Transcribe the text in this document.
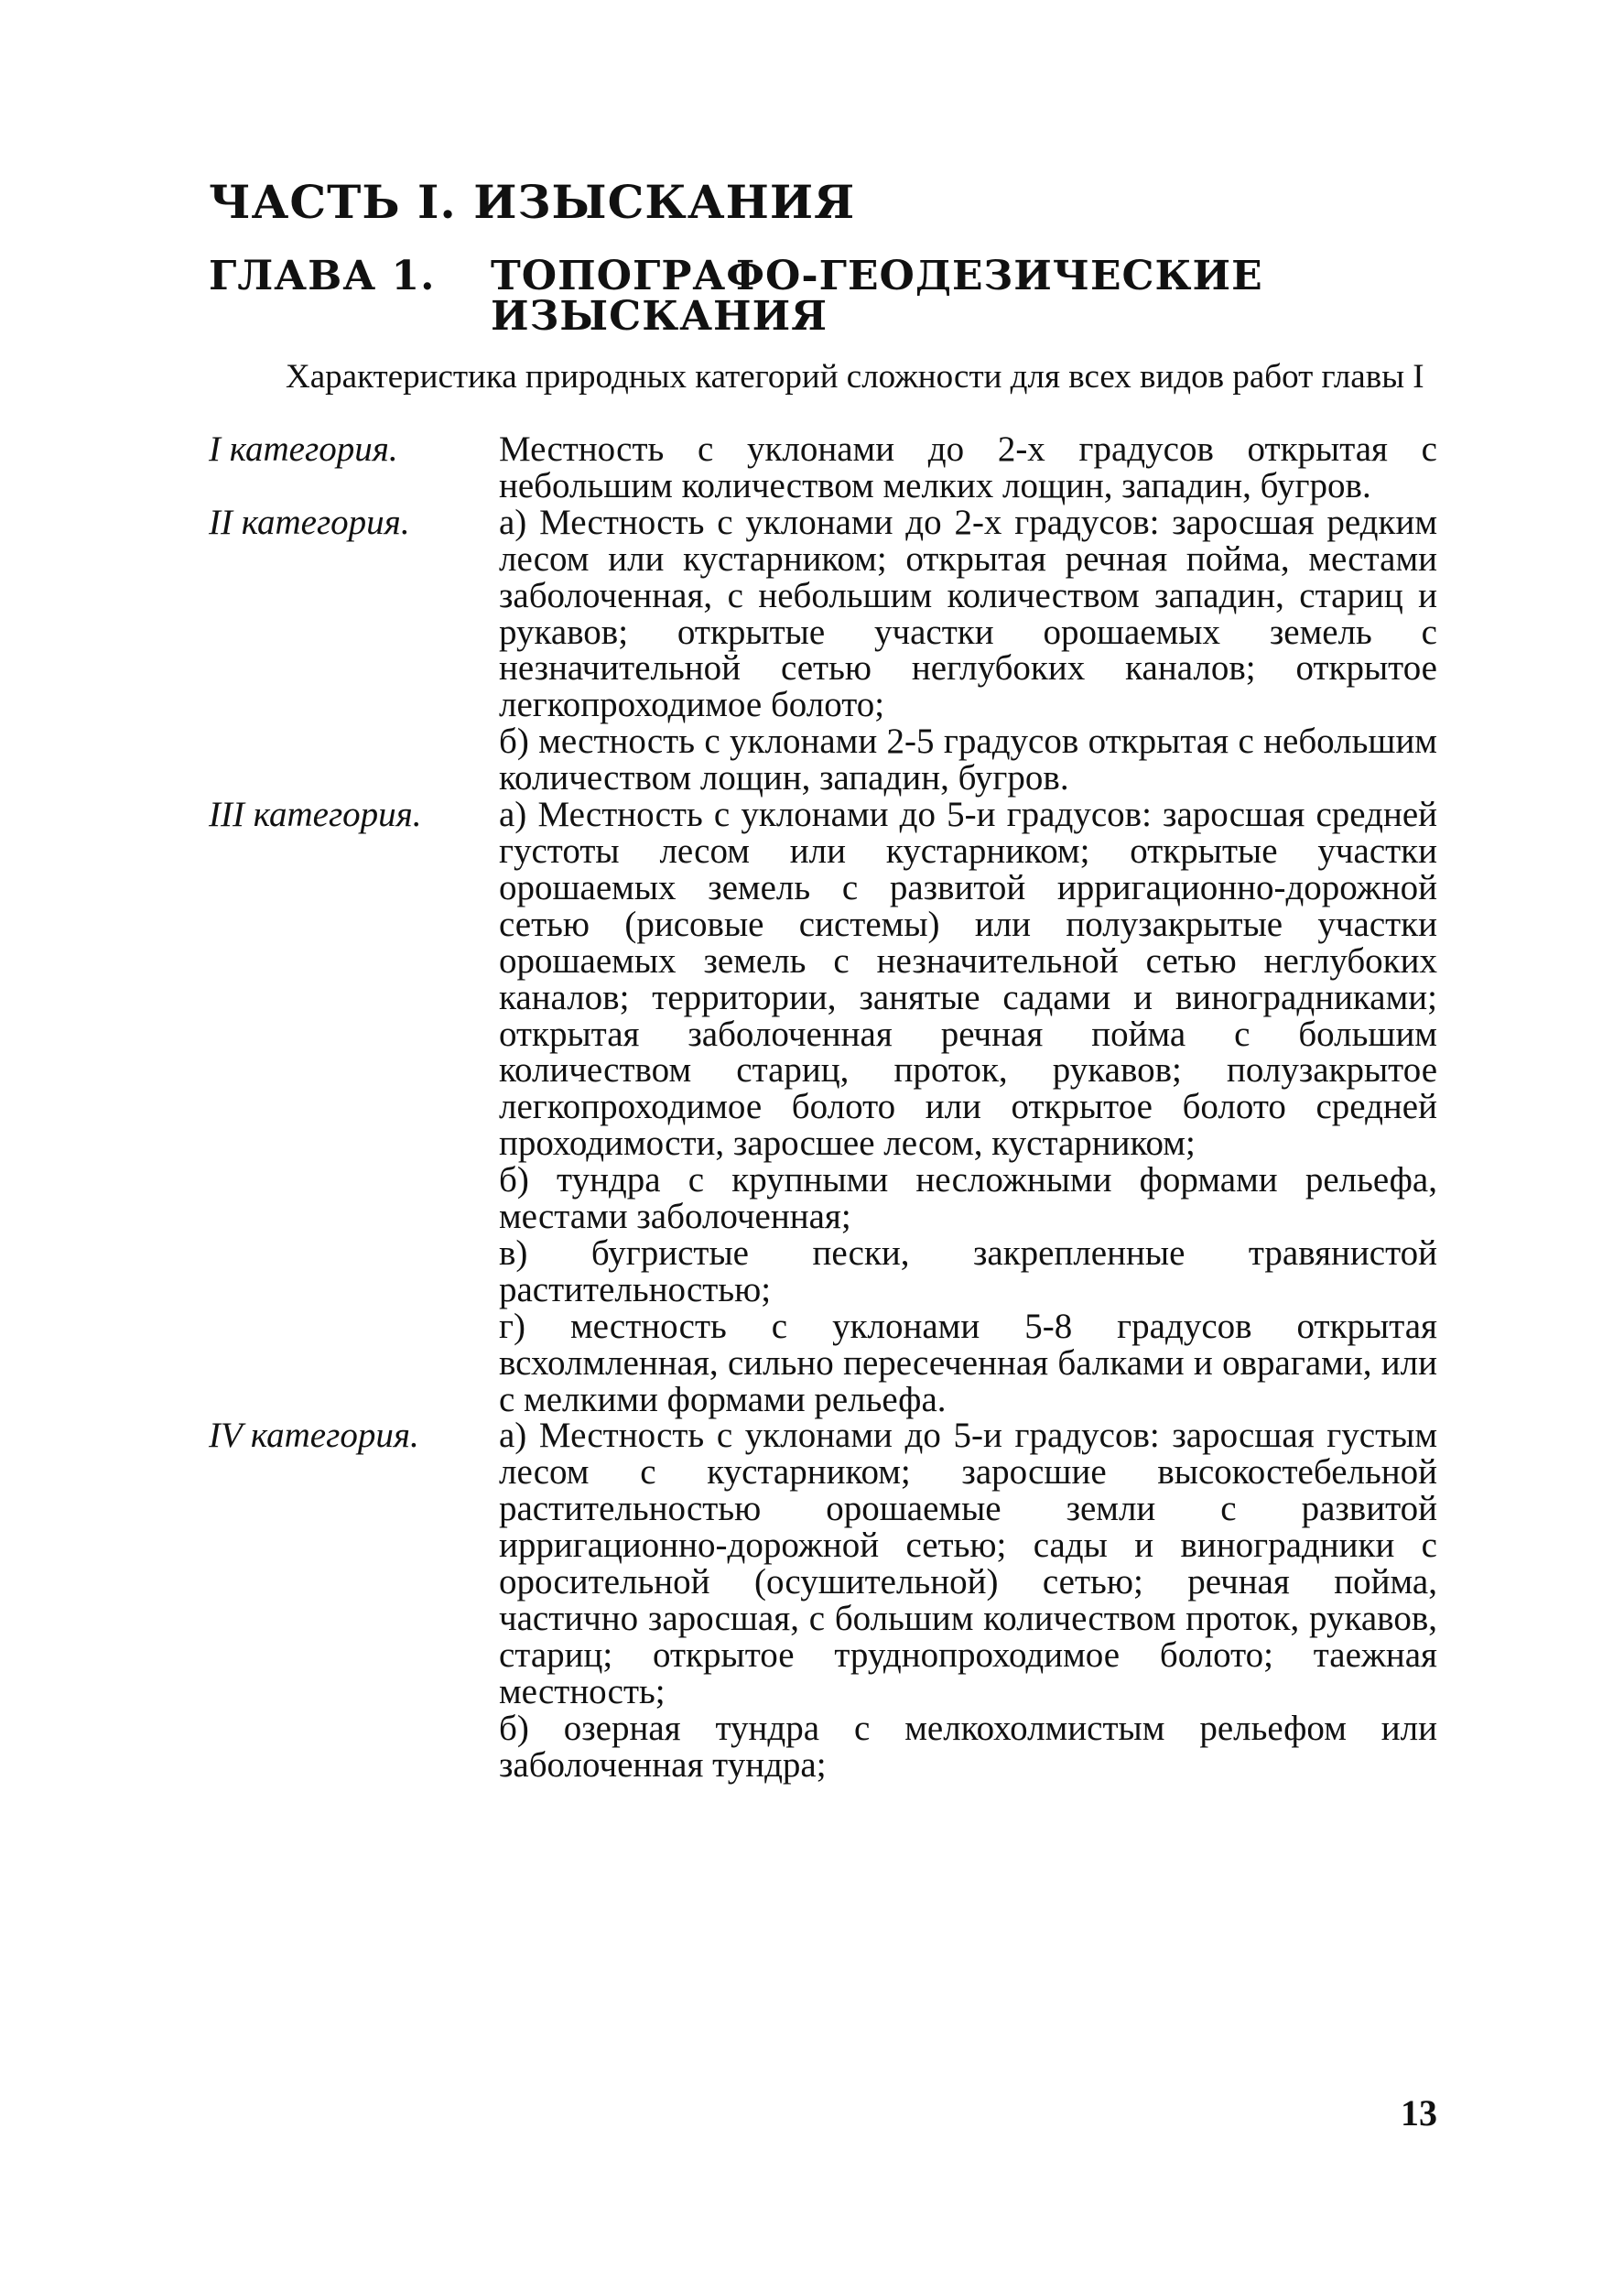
ЧАСТЬ I. ИЗЫСКАНИЯ
ГЛАВА 1. ТОПОГРАФО-ГЕОДЕЗИЧЕСКИЕ
ИЗЫСКАНИЯ

Характеристика природных категорий сложности для всех видов работ главы I

I категория.	Местность с уклонами до 2-х градусов открытая с небольшим количеством мелких лощин, западин, бугров.

II категория. а) Местность с уклонами до 2-х градусов: заросшая редким лесом или кустарником; открытая речная пойма, местами заболоченная, с небольшим количеством западин, стариц и рукавов; открытые участки орошаемых земель с незначительной сетью неглубоких каналов; открытое легкопроходимое болото;

б) местность с уклонами 2-5 градусов открытая с небольшим количеством лощин, западин, бугров.

III категория. а) Местность с уклонами до 5-и градусов: заросшая средней густоты лесом или кустарником; открытые участки орошаемых земель с развитой ирригационно-дорожной сетью (рисовые системы) или полузакрытые участки орошаемых земель с незначительной сетью неглубоких каналов; территории, занятые садами и виноградниками; открытая заболоченная речная пойма с большим количеством стариц, проток, рукавов; полузакрытое легкопроходимое болото или открытое болото средней проходимости, заросшее лесом, кустарником;

б) тундра с крупными несложными формами рельефа, местами заболоченная;

в) бугристые пески, закрепленные травянистой растительностью;

г) местность с уклонами 5-8 градусов открытая всхолмленная, сильно пересеченная балками и оврагами, или с мелкими формами рельефа.

IV категория. а) Местность с уклонами до 5-и градусов: заросшая густым лесом с кустарником; заросшие высокостебельной растительностью орошаемые земли с развитой ирригационно-дорожной сетью; сады и виноградники с оросительной (осушительной) сетью; речная пойма, частично заросшая, с большим количеством проток, рукавов, стариц; открытое труднопроходимое болото; таежная местность;

б) озерная тундра с мелкохолмистым рельефом или заболоченная тундра;

13
